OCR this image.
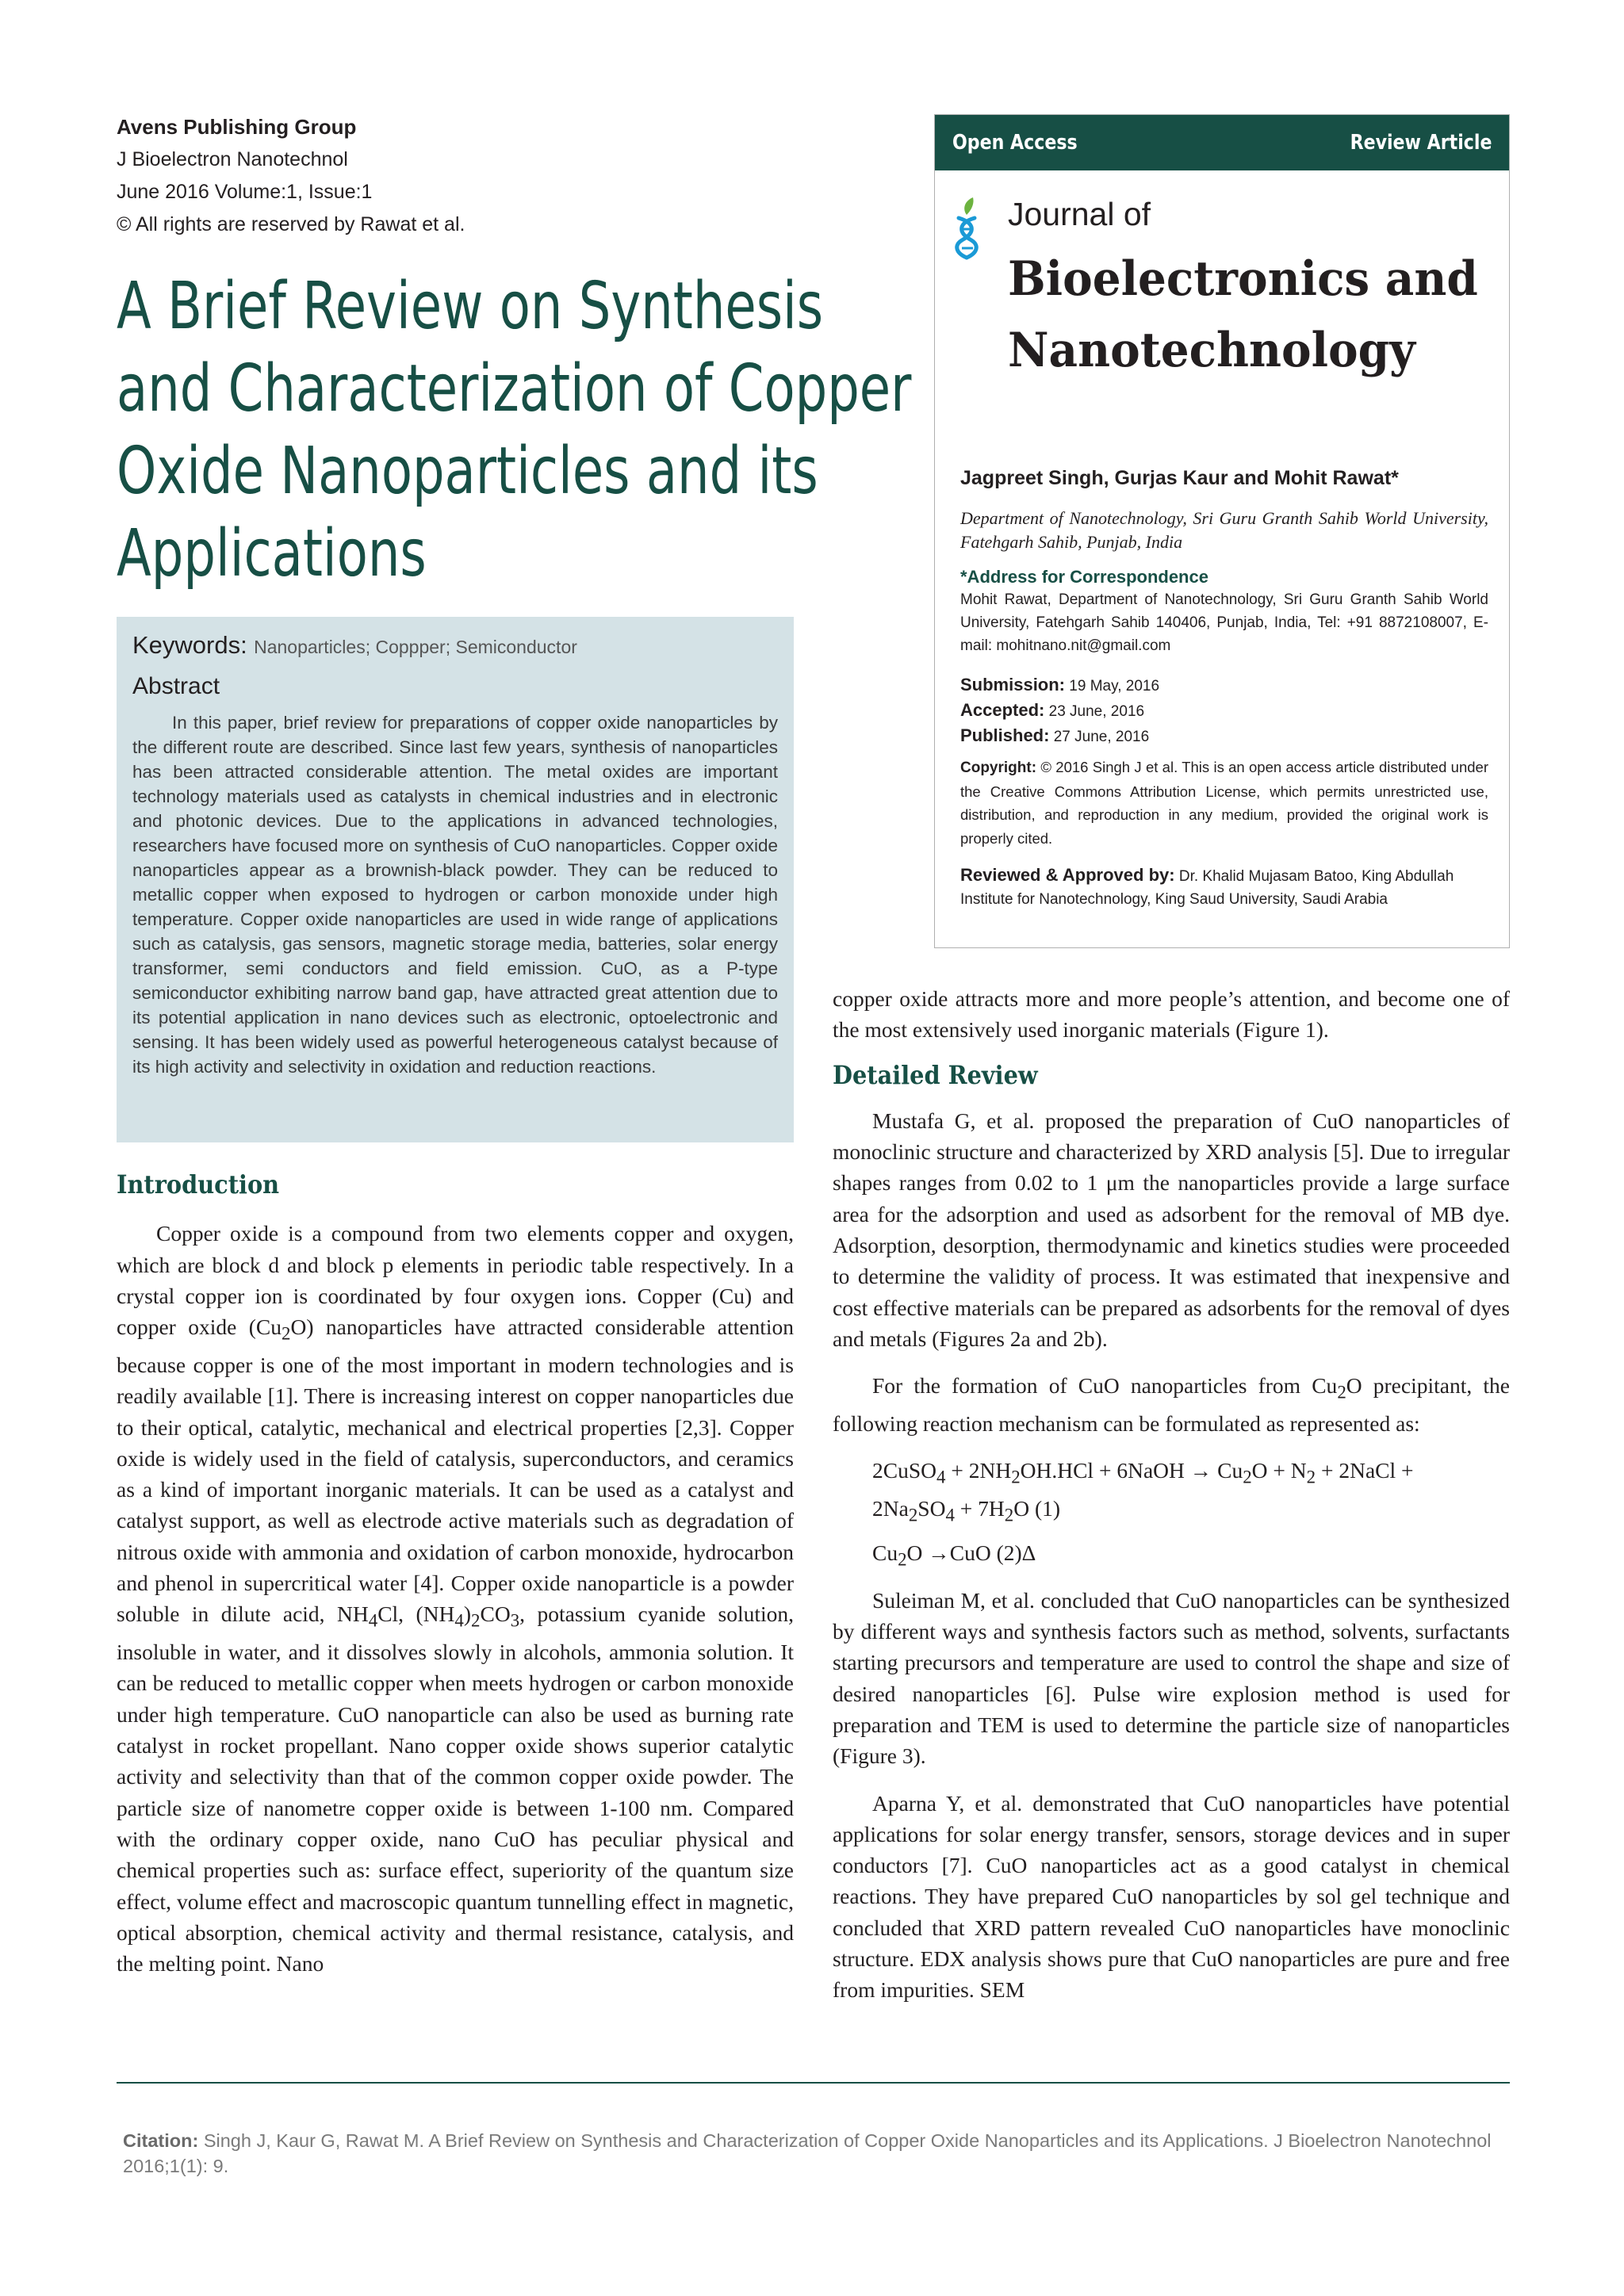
Avens Publishing Group
J Bioelectron Nanotechnol
June 2016 Volume:1, Issue:1
© All rights are reserved by Rawat et al.
A Brief Review on Synthesis
and Characterization of Copper
Oxide Nanoparticles and its
Applications
Keywords: Nanoparticles; Coppper; Semiconductor
Abstract
In this paper, brief review for preparations of copper oxide nanoparticles by the different route are described. Since last few years, synthesis of nanoparticles has been attracted considerable attention. The metal oxides are important technology materials used as catalysts in chemical industries and in electronic and photonic devices. Due to the applications in advanced technologies, researchers have focused more on synthesis of CuO nanoparticles. Copper oxide nanoparticles appear as a brownish-black powder. They can be reduced to metallic copper when exposed to hydrogen or carbon monoxide under high temperature. Copper oxide nanoparticles are used in wide range of applications such as catalysis, gas sensors, magnetic storage media, batteries, solar energy transformer, semi conductors and field emission. CuO, as a P-type semiconductor exhibiting narrow band gap, have attracted great attention due to its potential application in nano devices such as electronic, optoelectronic and sensing. It has been widely used as powerful heterogeneous catalyst because of its high activity and selectivity in oxidation and reduction reactions.
Open Access	Review Article
Journal of
Bioelectronics and
Nanotechnology
Jagpreet Singh, Gurjas Kaur and Mohit Rawat*
Department of Nanotechnology, Sri Guru Granth Sahib World University, Fatehgarh Sahib, Punjab, India
*Address for Correspondence
Mohit Rawat, Department of Nanotechnology, Sri Guru Granth Sahib World University, Fatehgarh Sahib 140406, Punjab, India, Tel: +91 8872108007, E-mail: mohitnano.nit@gmail.com
Submission: 19 May, 2016
Accepted: 23 June, 2016
Published: 27 June, 2016
Copyright: © 2016 Singh J et al. This is an open access article distributed under the Creative Commons Attribution License, which permits unrestricted use, distribution, and reproduction in any medium, provided the original work is properly cited.
Reviewed & Approved by: Dr. Khalid Mujasam Batoo, King Abdullah Institute for Nanotechnology, King Saud University, Saudi Arabia
Introduction

Copper oxide is a compound from two elements copper and oxygen, which are block d and block p elements in periodic table respectively. In a crystal copper ion is coordinated by four oxygen ions. Copper (Cu) and copper oxide $(Cu_2O)$ nanoparticles have attracted considerable attention because copper is one of the most important in modern technologies and is readily available [1]. There is increasing interest on copper nanoparticles due to their optical, catalytic, mechanical and electrical properties [2,3]. Copper oxide is widely used in the field of catalysis, superconductors, and ceramics as a kind of important inorganic materials. It can be used as a catalyst and catalyst support, as well as electrode active materials such as degradation of nitrous oxide with ammonia and oxidation of carbon monoxide, hydrocarbon and phenol in supercritical water [4]. Copper oxide nanoparticle is a powder soluble in dilute acid, $NH_4Cl$, $(NH_4)_2CO_3$, potassium cyanide solution, insoluble in water, and it dissolves slowly in alcohols, ammonia solution. It can be reduced to metallic copper when meets hydrogen or carbon monoxide under high temperature. CuO nanoparticle can also be used as burning rate catalyst in rocket propellant. Nano copper oxide shows superior catalytic activity and selectivity than that of the common copper oxide powder. The particle size of nanometre copper oxide is between 1-100 nm. Compared with the ordinary copper oxide, nano CuO has peculiar physical and chemical properties such as: surface effect, superiority of the quantum size effect, volume effect and macroscopic quantum tunnelling effect in magnetic, optical absorption, chemical activity and thermal resistance, catalysis, and the melting point. Nano

copper oxide attracts more and more people’s attention, and become one of the most extensively used inorganic materials (Figure 1).

Detailed Review

Mustafa G, et al. proposed the preparation of CuO nanoparticles of monoclinic structure and characterized by XRD analysis [5]. Due to irregular shapes ranges from 0.02 to 1 μm the nanoparticles provide a large surface area for the adsorption and used as adsorbent for the removal of MB dye. Adsorption, desorption, thermodynamic and kinetics studies were proceeded to determine the validity of process. It was estimated that inexpensive and cost effective materials can be prepared as adsorbents for the removal of dyes and metals (Figures 2a and 2b).

For the formation of CuO nanoparticles from $Cu_2O$ precipitant, the following reaction mechanism can be formulated as represented as:

2CuSO$_4$ + $2NH_2OH.HCl$ + 6NaOH → $Cu_2O + N_2$ + 2NaCl +
$2Na_2SO_4 + 7H_2O$ (1)

$Cu_2O \to CuO$ (2)Δ

Suleiman M, et al. concluded that CuO nanoparticles can be synthesized by different ways and synthesis factors such as method, solvents, surfactants starting precursors and temperature are used to control the shape and size of desired nanoparticles [6]. Pulse wire explosion method is used for preparation and TEM is used to determine the particle size of nanoparticles (Figure 3).

Aparna Y, et al. demonstrated that CuO nanoparticles have potential applications for solar energy transfer, sensors, storage devices and in super conductors [7]. CuO nanoparticles act as a good catalyst in chemical reactions. They have prepared CuO nanoparticles by sol gel technique and concluded that XRD pattern revealed CuO nanoparticles have monoclinic structure. EDX analysis shows pure that CuO nanoparticles are pure and free from impurities. SEM

Citation: Singh J, Kaur G, Rawat M. A Brief Review on Synthesis and Characterization of Copper Oxide Nanoparticles and its Applications. J Bioelectron Nanotechnol 2016;1(1): 9.
